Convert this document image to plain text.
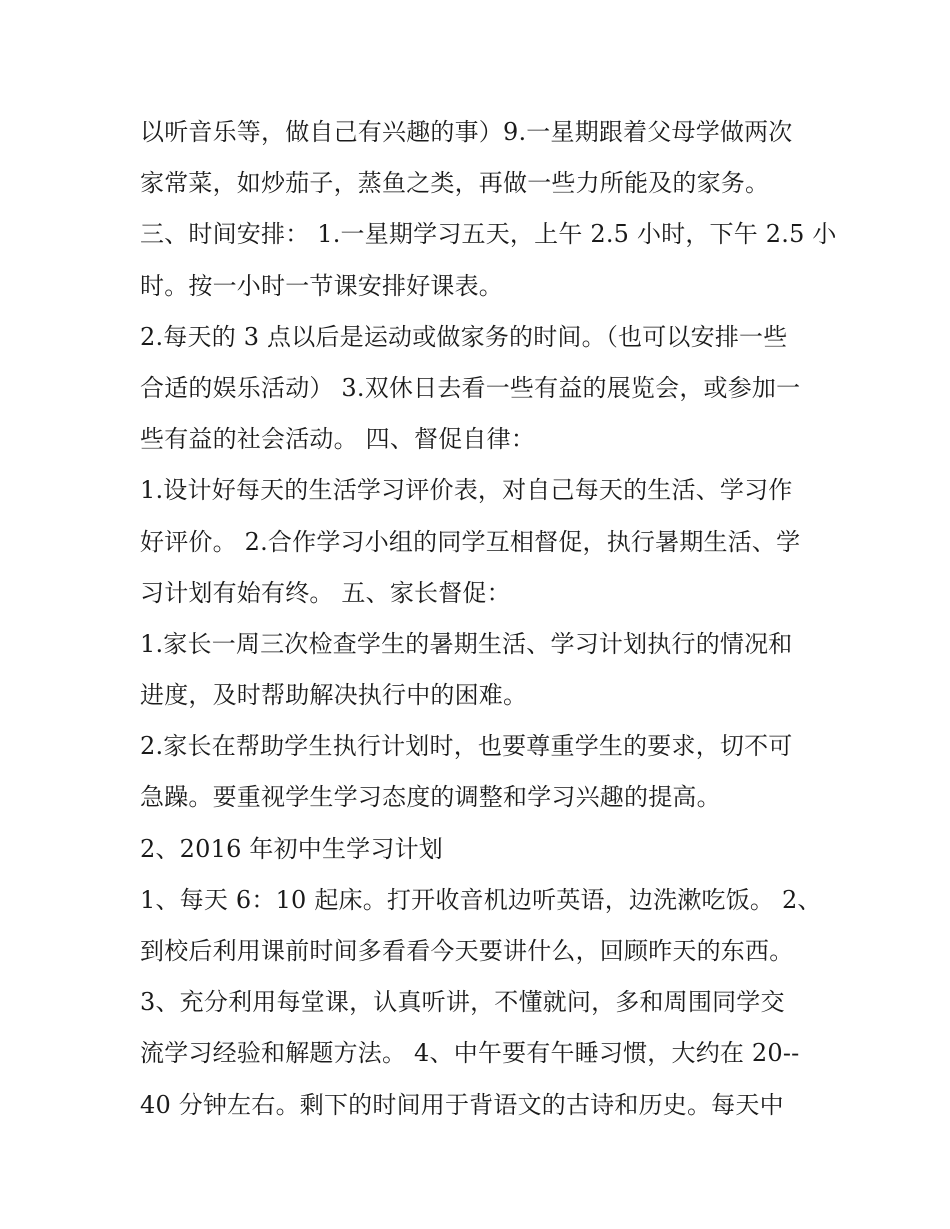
以听音乐等，做自己有兴趣的事）9.一星期跟着父母学做两次
家常菜，如炒茄子，蒸鱼之类，再做一些力所能及的家务。
三、时间安排： 1.一星期学习五天，上午 2.5 小时，下午 2.5 小
时。按一小时一节课安排好课表。
2.每天的 3 点以后是运动或做家务的时间。（也可以安排一些
合适的娱乐活动） 3.双休日去看一些有益的展览会，或参加一
些有益的社会活动。 四、督促自律：
1.设计好每天的生活学习评价表，对自己每天的生活、学习作
好评价。 2.合作学习小组的同学互相督促，执行暑期生活、学
习计划有始有终。 五、家长督促：
1.家长一周三次检查学生的暑期生活、学习计划执行的情况和
进度，及时帮助解决执行中的困难。
2.家长在帮助学生执行计划时，也要尊重学生的要求，切不可
急躁。要重视学生学习态度的调整和学习兴趣的提高。
2、2016 年初中生学习计划
1、每天 6：10 起床。打开收音机边听英语，边洗漱吃饭。 2、
到校后利用课前时间多看看今天要讲什么，回顾昨天的东西。
3、充分利用每堂课，认真听讲，不懂就问，多和周围同学交
流学习经验和解题方法。 4、中午要有午睡习惯，大约在 20--
40 分钟左右。剩下的时间用于背语文的古诗和历史。每天中
